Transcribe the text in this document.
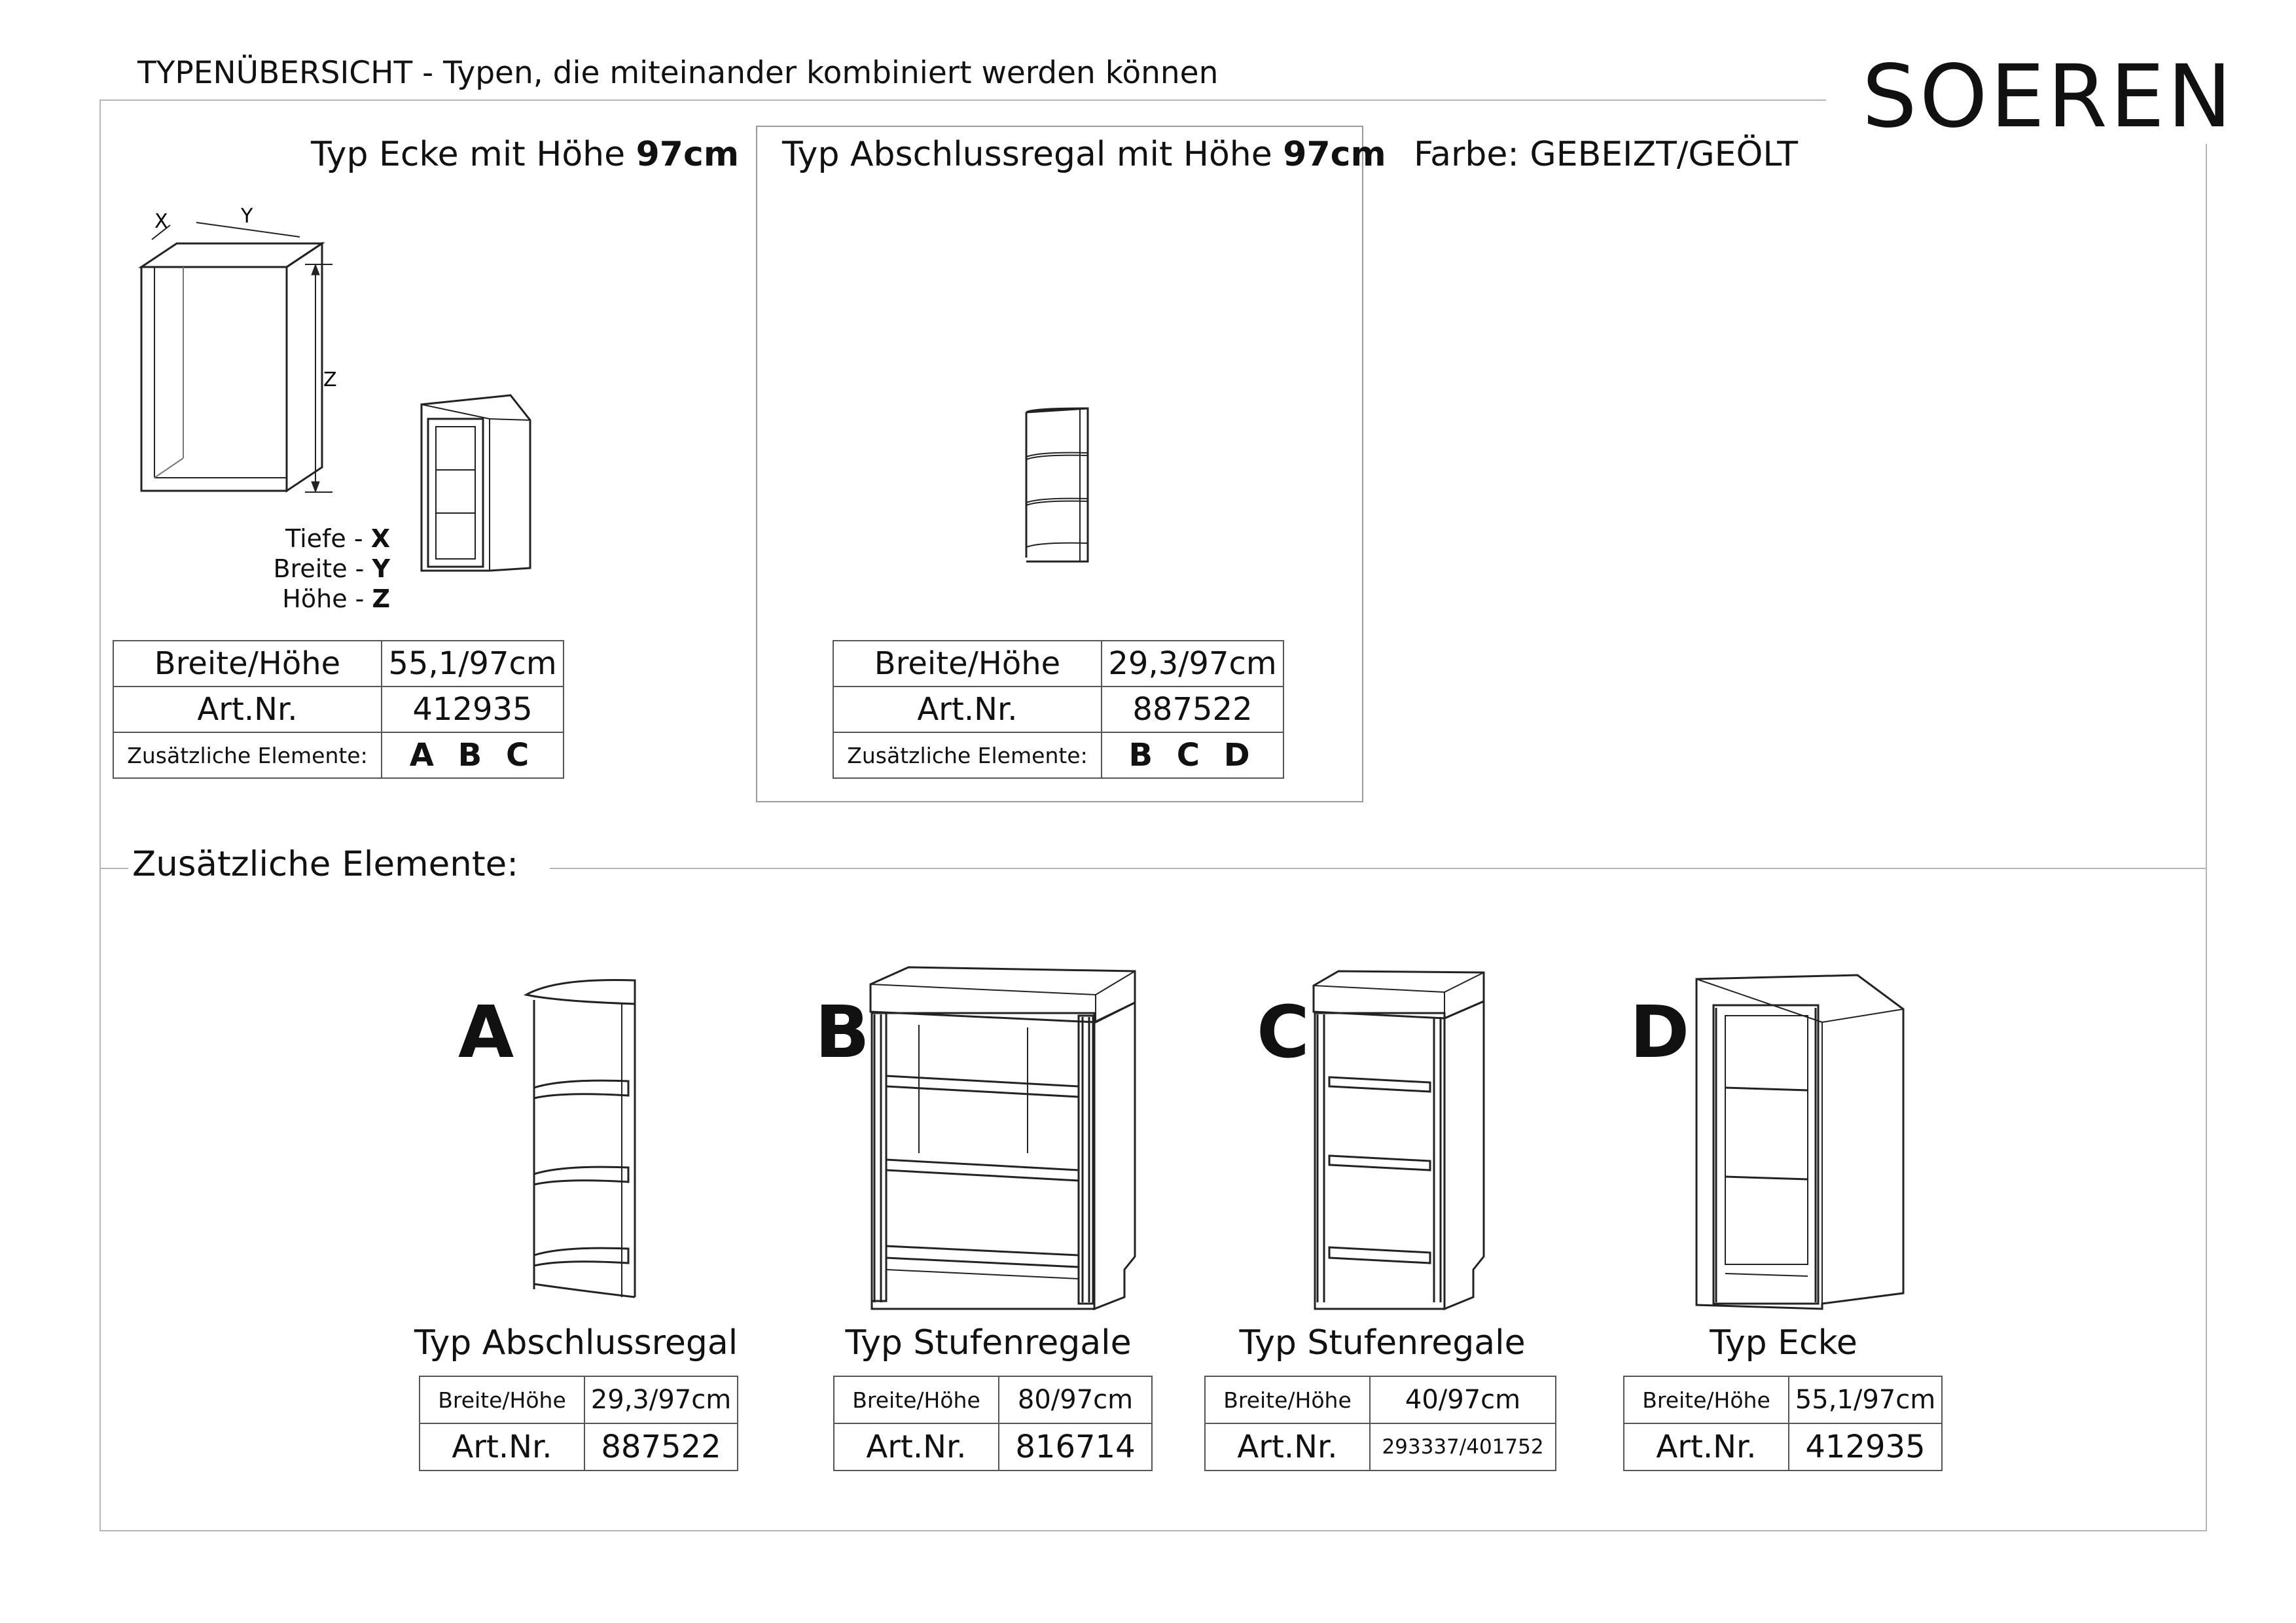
TYPENÜBERSICHT - Typen, die miteinander kombiniert werden können	SOEREN
Typ Ecke mit Höhe 97cm
X	Y
Z
Tiefe - X
Breite - Y
Höhe - Z
Breite/Höhe	55,1/97cm
Art.Nr.	412935
Zusätzliche Elemente:	A B C
Typ Abschlussregal mit Höhe 97cm
Breite/Höhe	29,3/97cm
Art.Nr.	887522
Zusätzliche Elemente:	B C D
Farbe: GEBEIZT/GEÖLT
Zusätzliche Elemente:
A	B	C	D
Typ Abschlussregal	Typ Stufenregale	Typ Stufenregale	Typ Ecke
Breite/Höhe	29,3/97cm
Art.Nr.	887522
Breite/Höhe	80/97cm
Art.Nr.	816714
Breite/Höhe	40/97cm
Art.Nr.	293337/401752
Breite/Höhe	55,1/97cm
Art.Nr.	412935
